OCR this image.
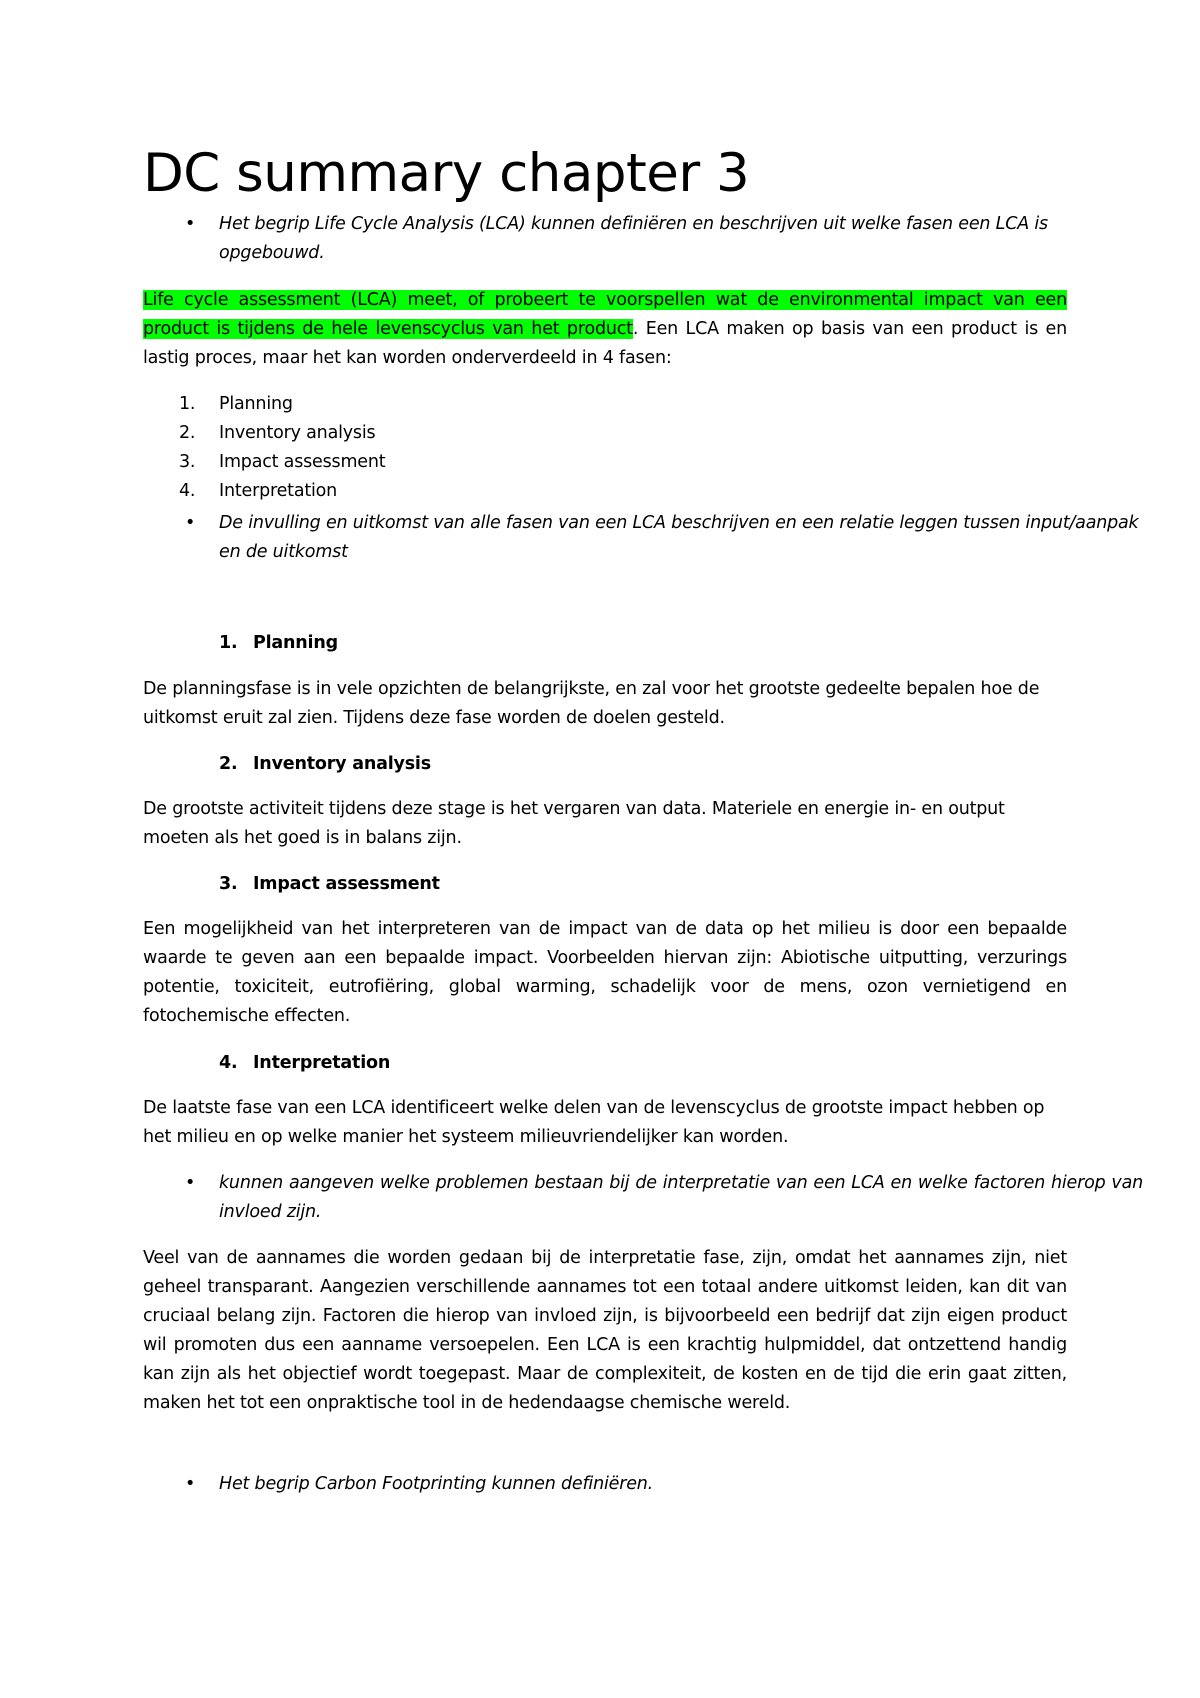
DC summary chapter 3
• Het begrip Life Cycle Analysis (LCA) kunnen definiëren en beschrijven uit welke fasen een LCA is opgebouwd.
Life cycle assessment (LCA) meet, of probeert te voorspellen wat de environmental impact van een product is tijdens de hele levenscyclus van het product. Een LCA maken op basis van een product is en lastig proces, maar het kan worden onderverdeeld in 4 fasen:
1. Planning
2. Inventory analysis
3. Impact assessment
4. Interpretation
• De invulling en uitkomst van alle fasen van een LCA beschrijven en een relatie leggen tussen input/aanpak en de uitkomst
1. Planning

De planningsfase is in vele opzichten de belangrijkste, en zal voor het grootste gedeelte bepalen hoe de uitkomst eruit zal zien. Tijdens deze fase worden de doelen gesteld.

2. Inventory analysis

De grootste activiteit tijdens deze stage is het vergaren van data. Materiele en energie in- en output moeten als het goed is in balans zijn.

3. Impact assessment

Een mogelijkheid van het interpreteren van de impact van de data op het milieu is door een bepaalde waarde te geven aan een bepaalde impact. Voorbeelden hiervan zijn: Abiotische uitputting, verzurings potentie, toxiciteit, eutrofiëring, global warming, schadelijk voor de mens, ozon vernietigend en fotochemische effecten.

4. Interpretation

De laatste fase van een LCA identificeert welke delen van de levenscyclus de grootste impact hebben op het milieu en op welke manier het systeem milieuvriendelijker kan worden.

• kunnen aangeven welke problemen bestaan bij de interpretatie van een LCA en welke factoren hierop van invloed zijn.

Veel van de aannames die worden gedaan bij de interpretatie fase, zijn, omdat het aannames zijn, niet geheel transparant. Aangezien verschillende aannames tot een totaal andere uitkomst leiden, kan dit van cruciaal belang zijn. Factoren die hierop van invloed zijn, is bijvoorbeeld een bedrijf dat zijn eigen product wil promoten dus een aanname versoepelen. Een LCA is een krachtig hulpmiddel, dat ontzettend handig kan zijn als het objectief wordt toegepast. Maar de complexiteit, de kosten en de tijd die erin gaat zitten, maken het tot een onpraktische tool in de hedendaagse chemische wereld.

• Het begrip Carbon Footprinting kunnen definiëren.
